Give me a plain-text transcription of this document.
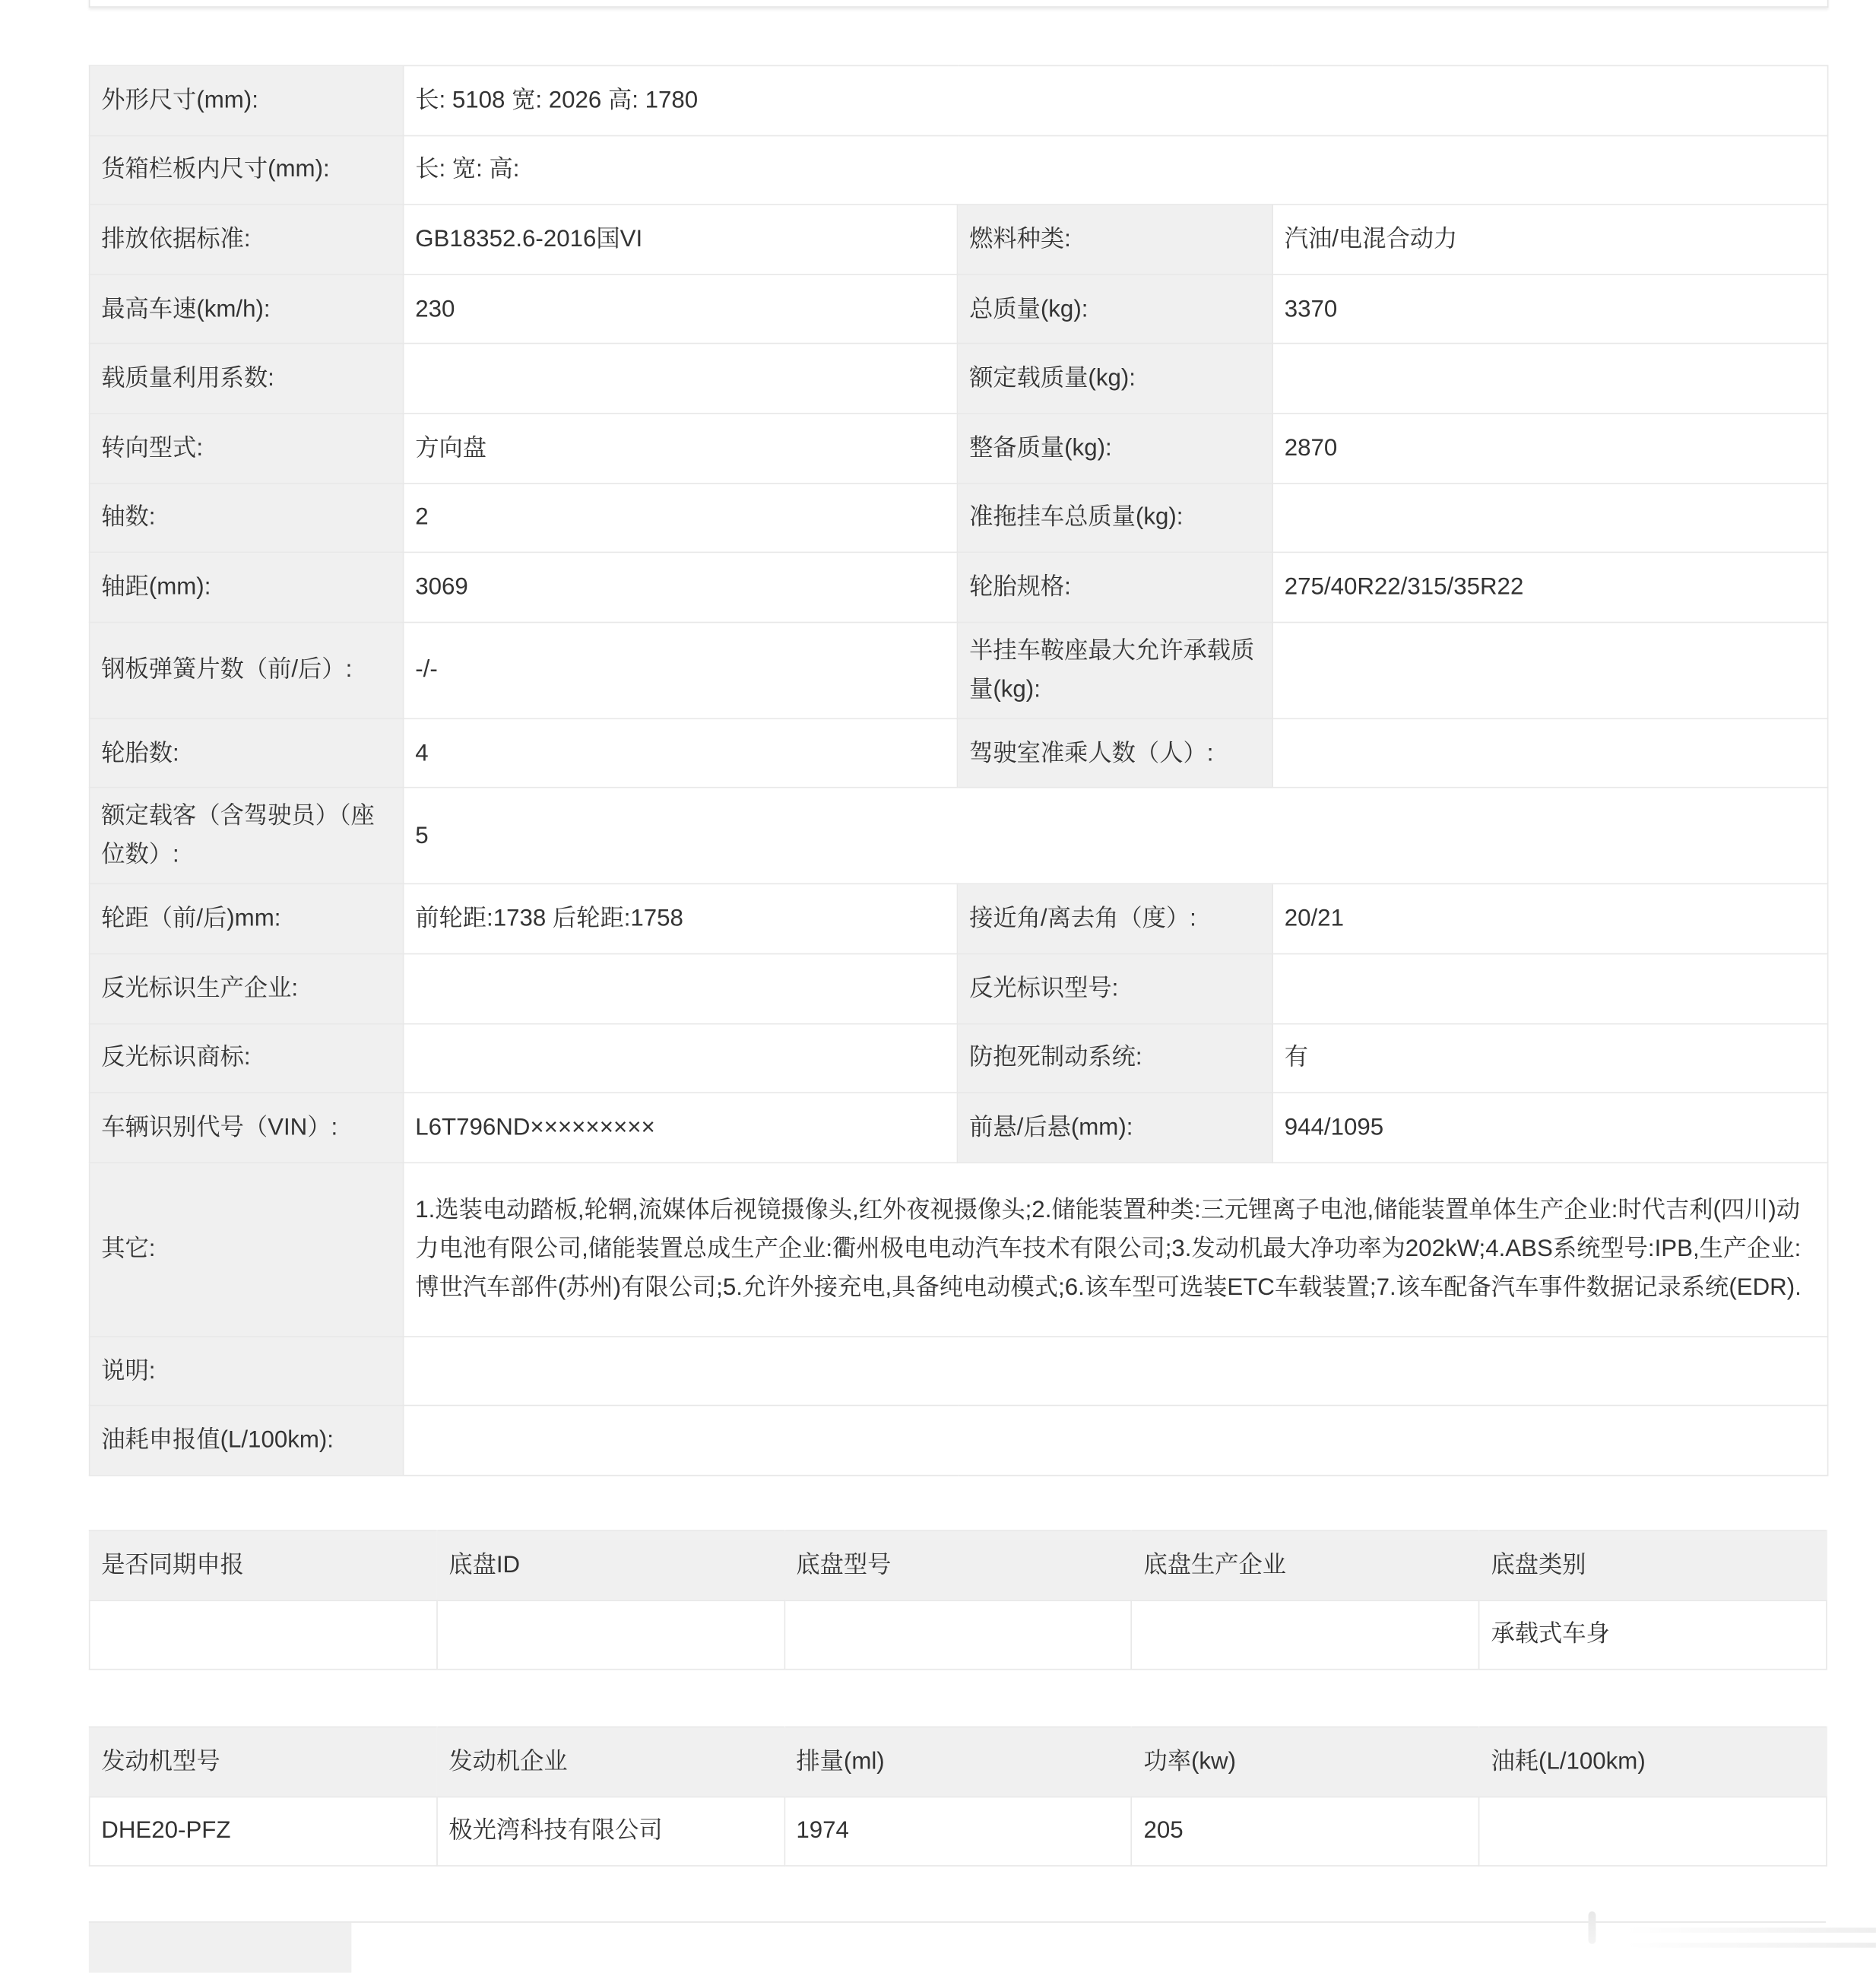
外形尺寸(mm):	长: 5108 宽: 2026 高: 1780		
货箱栏板内尺寸(mm):	长: 宽: 高:		
排放依据标准:	GB18352.6-2016国VI	燃料种类:	汽油/电混合动力
最高车速(km/h):	230	总质量(kg):	3370
载质量利用系数:		额定载质量(kg):	
转向型式:	方向盘	整备质量(kg):	2870
轴数:	2	准拖挂车总质量(kg):	
轴距(mm):	3069	轮胎规格:	275/40R22/315/35R22
钢板弹簧片数（前/后）:	-/-	半挂车鞍座最大允许承载质量(kg):	
轮胎数:	4	驾驶室准乘人数（人）:	
额定载客（含驾驶员）（座位数）:	5		
轮距（前/后)mm:	前轮距:1738 后轮距:1758	接近角/离去角（度）:	20/21
反光标识生产企业:		反光标识型号:	
反光标识商标:		防抱死制动系统:	有
车辆识别代号（VIN）:	L6T796ND×××××××××	前悬/后悬(mm):	944/1095
其它:	1.选装电动踏板,轮辋,流媒体后视镜摄像头,红外夜视摄像头;2.储能装置种类:三元锂离子电池,储能装置单体生产企业:时代吉利(四川)动力电池有限公司,储能装置总成生产企业:衢州极电电动汽车技术有限公司;3.发动机最大净功率为202kW;4.ABS系统型号:IPB,生产企业:博世汽车部件(苏州)有限公司;5.允许外接充电,具备纯电动模式;6.该车型可选装ETC车载装置;7.该车配备汽车事件数据记录系统(EDR).		
说明:			
油耗申报值(L/100km):			
是否同期申报	底盘ID	底盘型号	底盘生产企业	底盘类别
				承载式车身
发动机型号	发动机企业	排量(ml)	功率(kw)	油耗(L/100km)
DHE20-PFZ	极光湾科技有限公司	1974	205	
